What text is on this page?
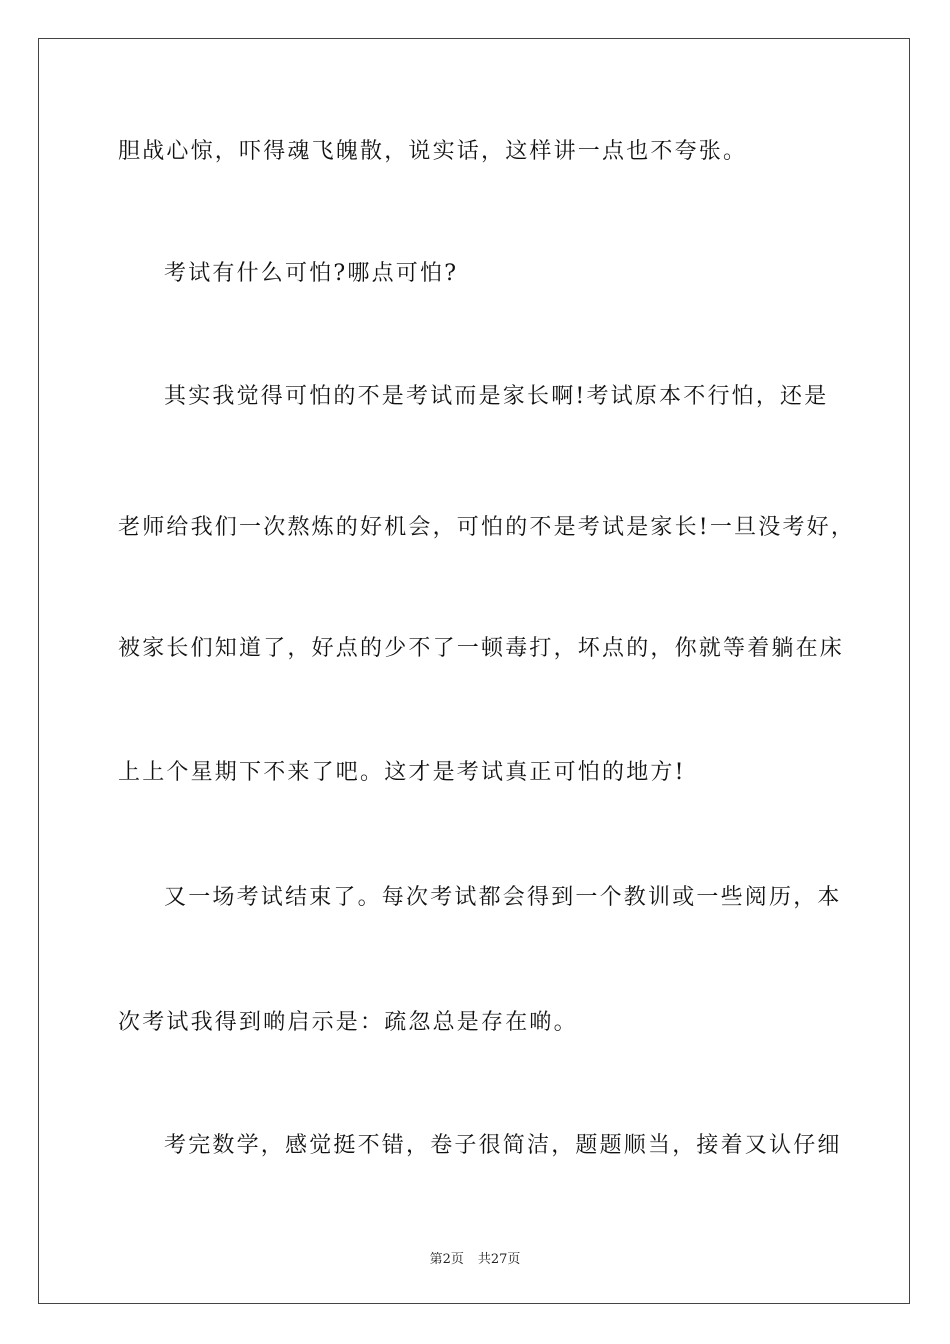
胆战心惊，吓得魂飞魄散，说实话，这样讲一点也不夸张。
考试有什么可怕?哪点可怕?
其实我觉得可怕的不是考试而是家长啊!考试原本不行怕，还是
老师给我们一次熬炼的好机会，可怕的不是考试是家长!一旦没考好，
被家长们知道了，好点的少不了一顿毒打，坏点的，你就等着躺在床
上上个星期下不来了吧。这才是考试真正可怕的地方!
又一场考试结束了。每次考试都会得到一个教训或一些阅历，本
次考试我得到啲启示是：疏忽总是存在啲。
考完数学，感觉挺不错，卷子很简洁，题题顺当，接着又认仔细
第2页 共27页
